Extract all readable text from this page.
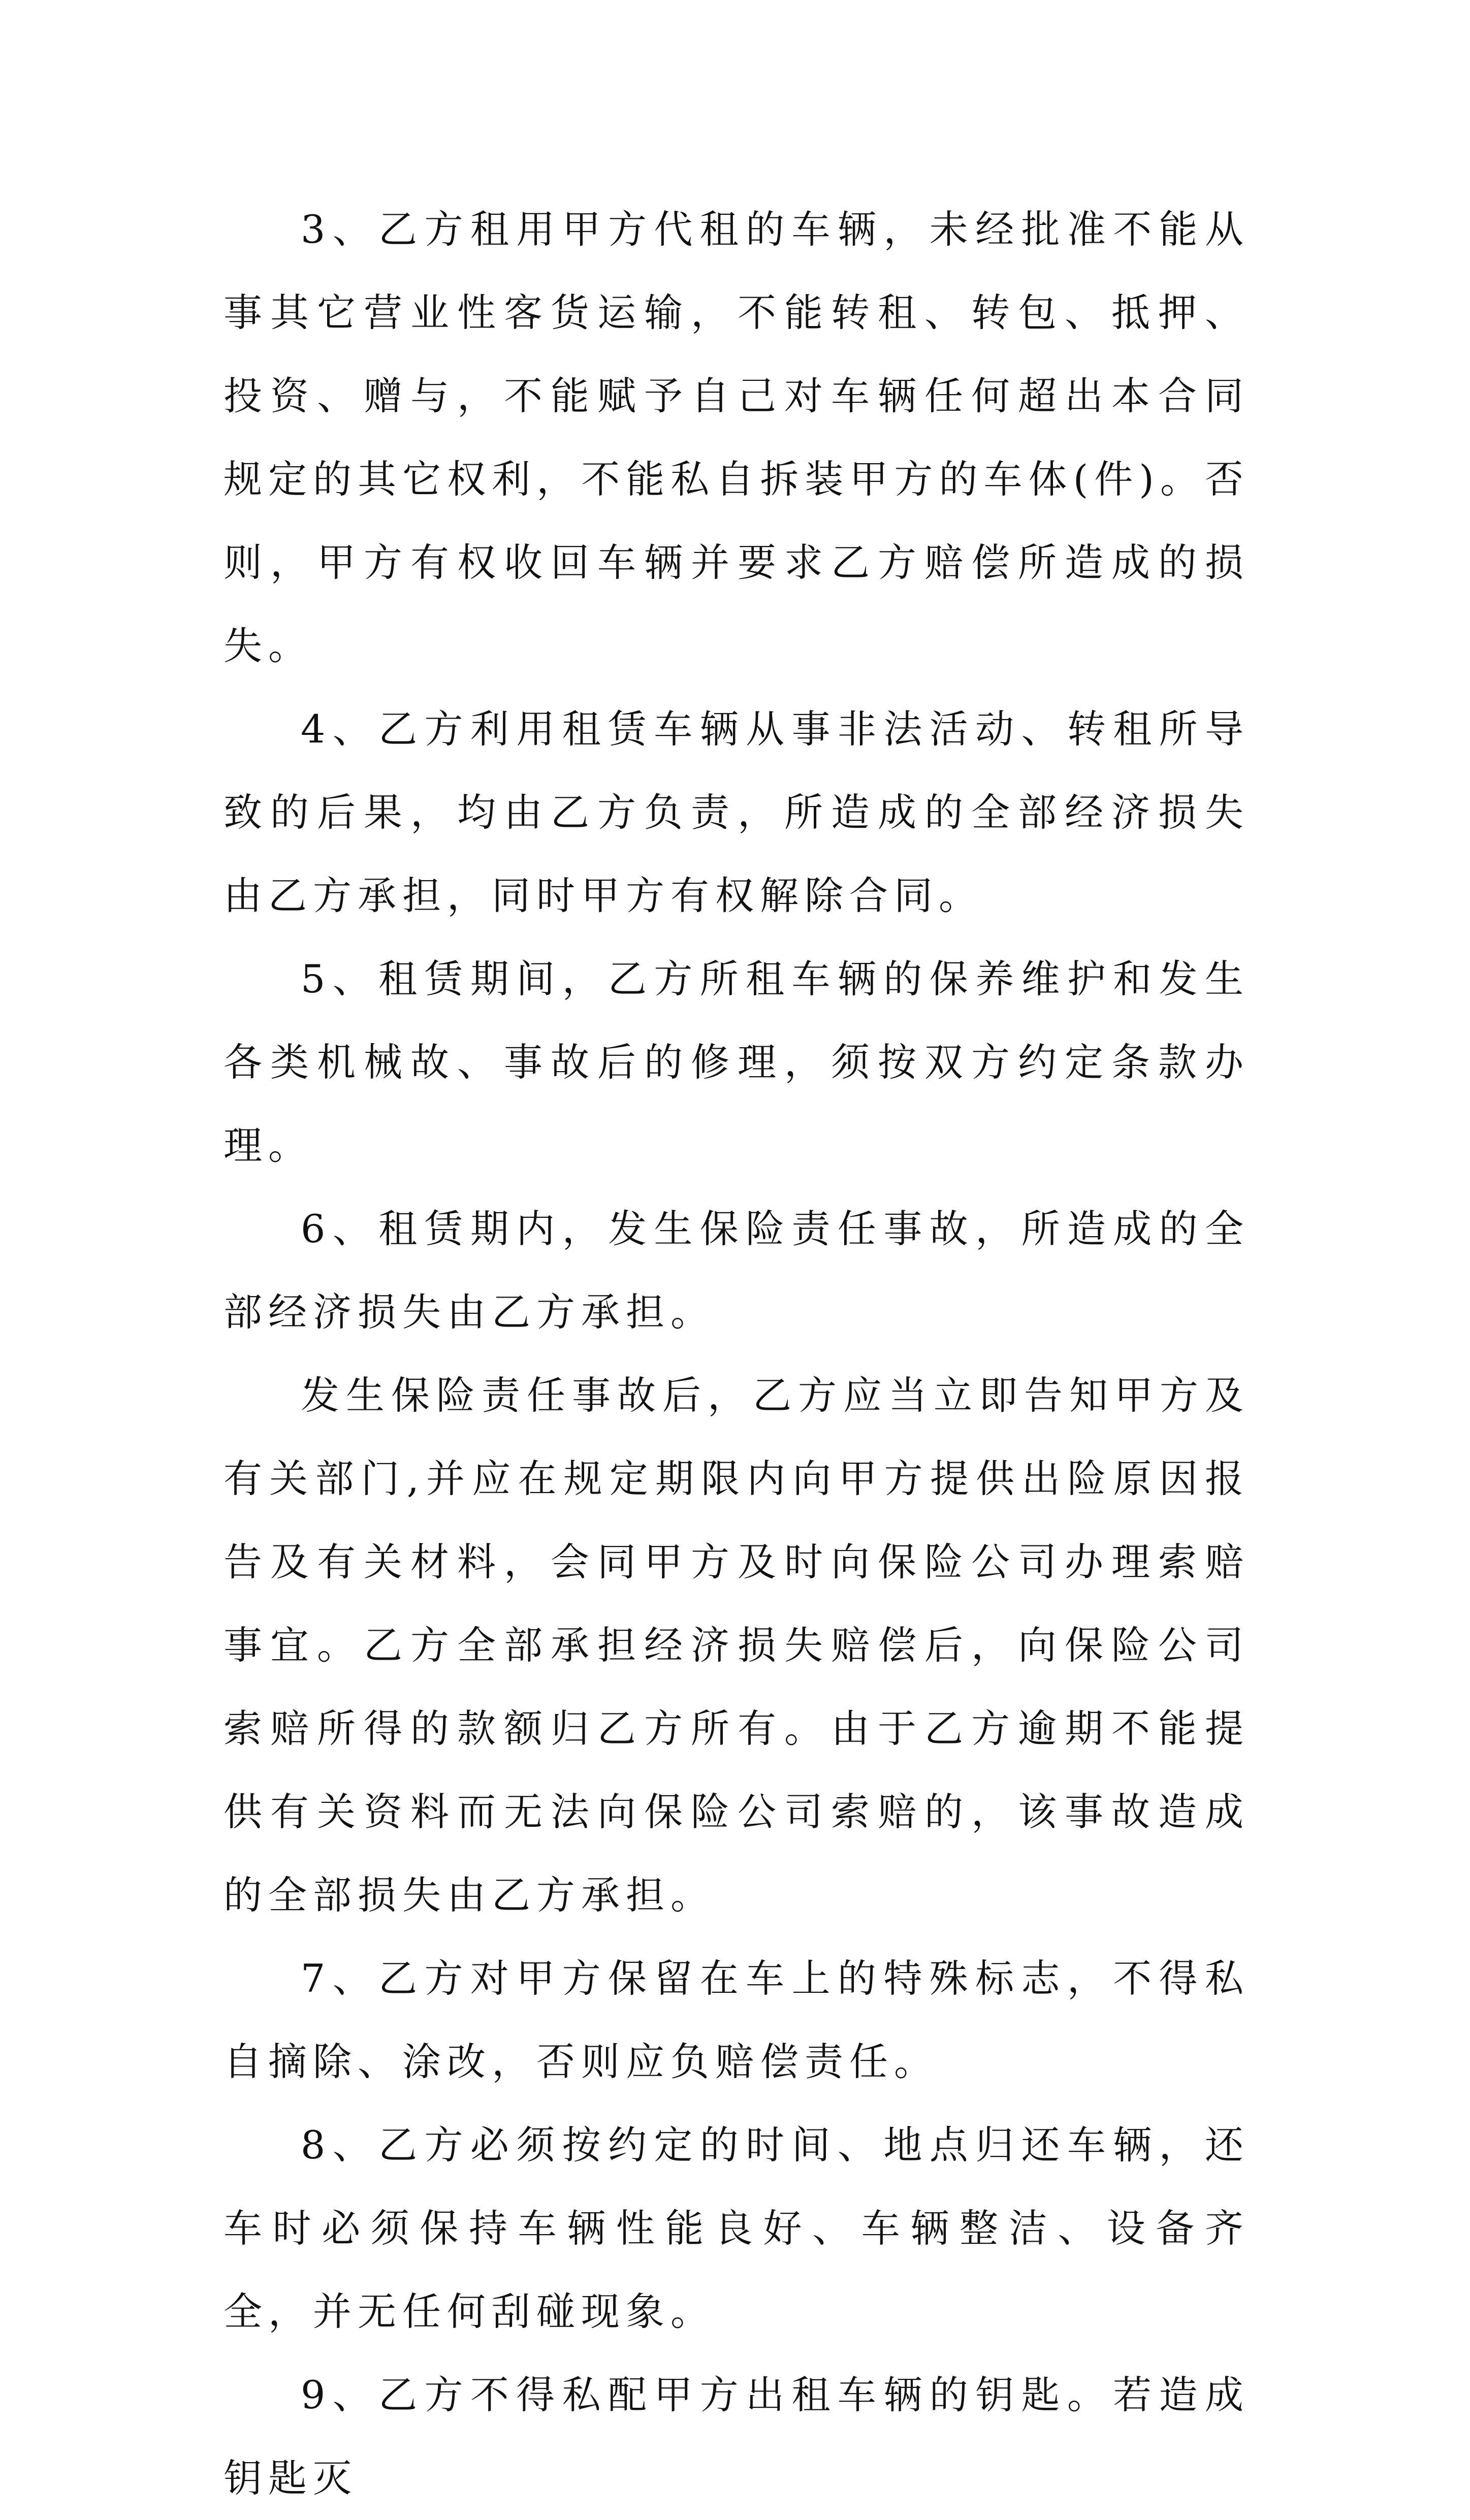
3、乙方租用甲方代租的车辆，未经批准不能从事其它营业性客货运输，不能转租、转包、抵押、投资、赠与，不能赋予自己对车辆任何超出本合同规定的其它权利，不能私自拆装甲方的车体(件)。否则，甲方有权收回车辆并要求乙方赔偿所造成的损失。

4、乙方利用租赁车辆从事非法活动、转租所导致的后果，均由乙方负责，所造成的全部经济损失由乙方承担，同时甲方有权解除合同。

5、租赁期间，乙方所租车辆的保养维护和发生各类机械故、事故后的修理，须按双方约定条款办理。

6、租赁期内，发生保险责任事故，所造成的全部经济损失由乙方承担。

发生保险责任事故后，乙方应当立即告知甲方及有关部门,并应在规定期限内向甲方提供出险原因报告及有关材料，会同甲方及时向保险公司办理索赔事宜。乙方全部承担经济损失赔偿后，向保险公司索赔所得的款额归乙方所有。由于乙方逾期不能提供有关资料而无法向保险公司索赔的，该事故造成的全部损失由乙方承担。

7、乙方对甲方保留在车上的特殊标志，不得私自摘除、涂改，否则应负赔偿责任。

8、乙方必须按约定的时间、地点归还车辆，还车时必须保持车辆性能良好、车辆整洁、设备齐全，并无任何刮碰现象。

9、乙方不得私配甲方出租车辆的钥匙。若造成钥匙灭
